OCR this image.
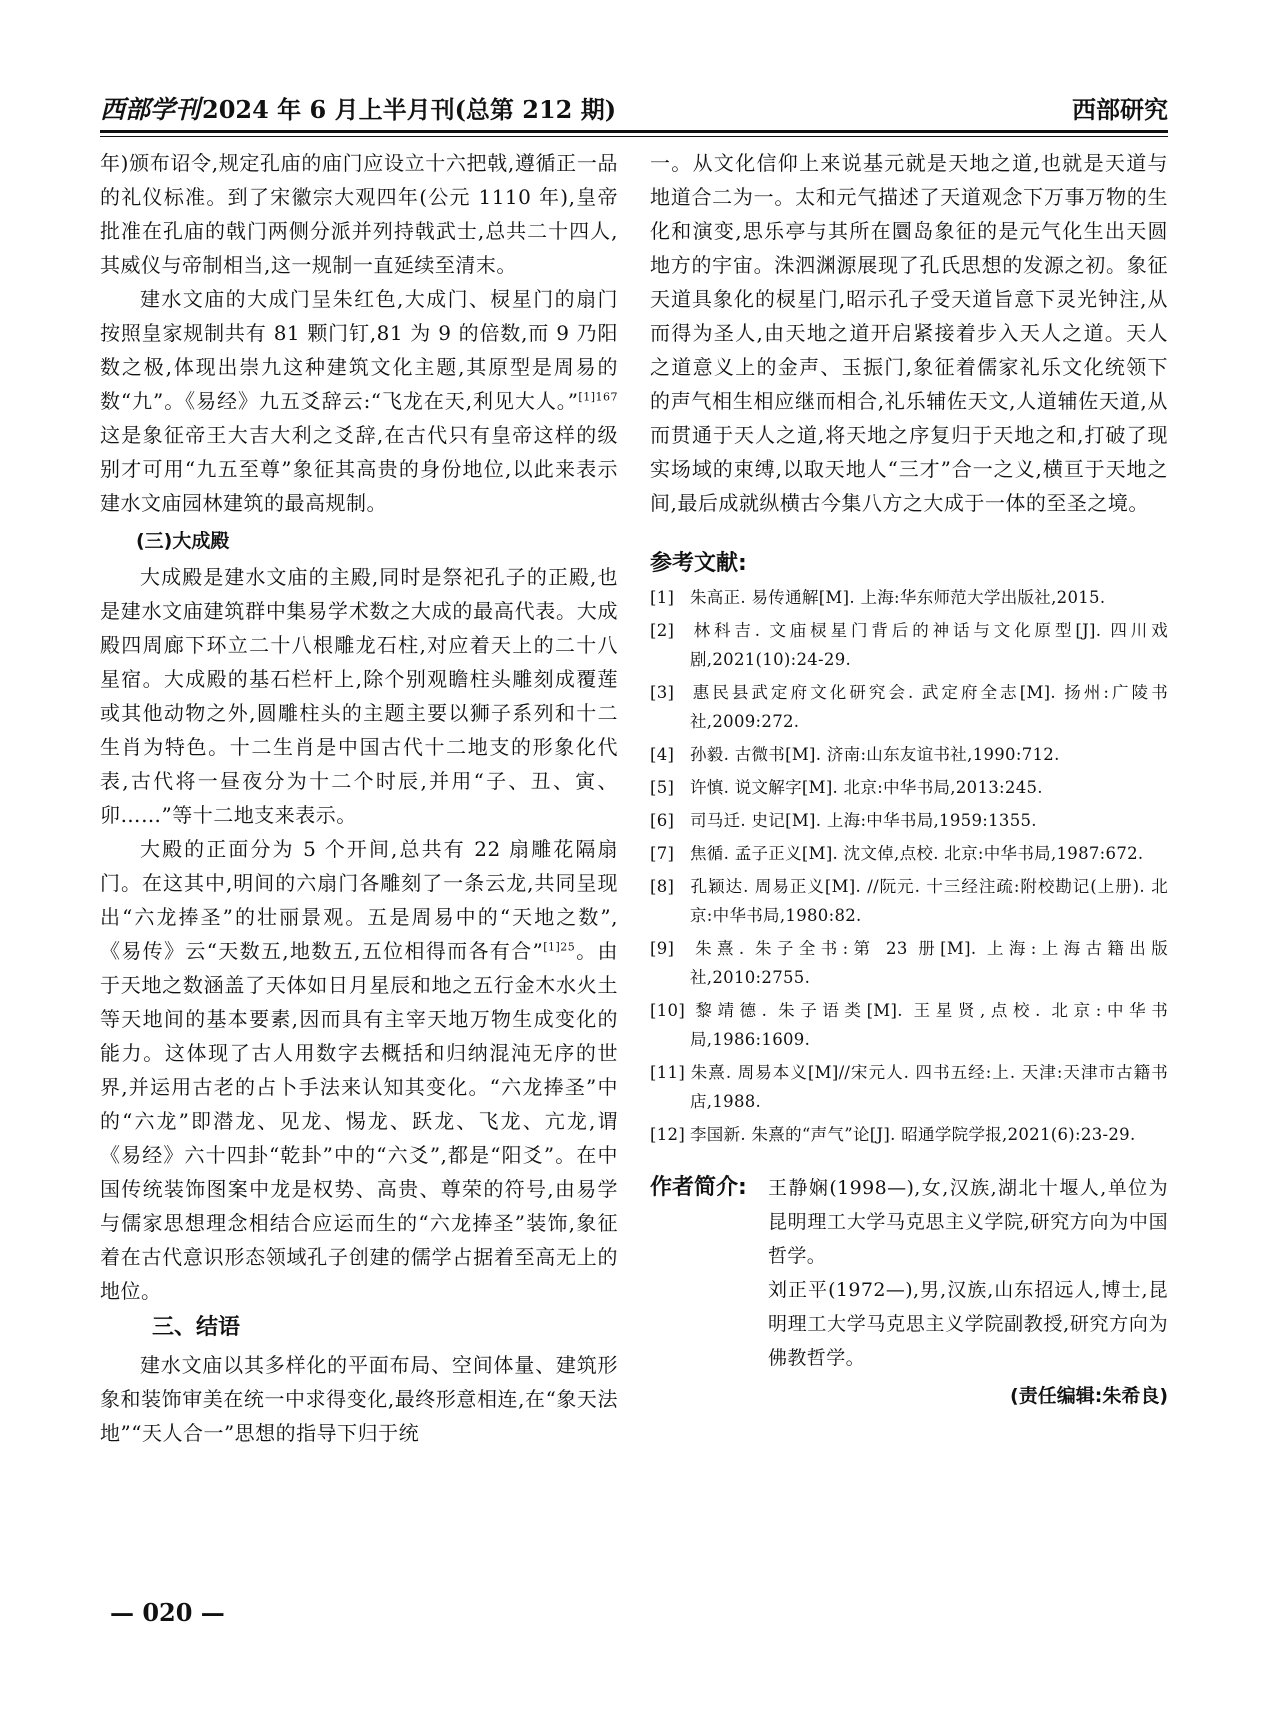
西部学刊2024 年 6 月上半月刊(总第 212 期)	西部研究

年)颁布诏令,规定孔庙的庙门应设立十六把戟,遵循正一品的礼仪标准。到了宋徽宗大观四年(公元 1110 年),皇帝批准在孔庙的戟门两侧分派并列持戟武士,总共二十四人,其威仪与帝制相当,这一规制一直延续至清末。

建水文庙的大成门呈朱红色,大成门、棂星门的扇门按照皇家规制共有 81 颗门钉,81 为 9 的倍数,而 9 乃阳数之极,体现出崇九这种建筑文化主题,其原型是周易的数“九”。《易经》九五爻辞云:“飞龙在天,利见大人。”$^{[1]167}$ 这是象征帝王大吉大利之爻辞,在古代只有皇帝这样的级别才可用“九五至尊”象征其高贵的身份地位,以此来表示建水文庙园林建筑的最高规制。

(三)大成殿

大成殿是建水文庙的主殿,同时是祭祀孔子的正殿,也是建水文庙建筑群中集易学术数之大成的最高代表。大成殿四周廊下环立二十八根雕龙石柱,对应着天上的二十八星宿。大成殿的基石栏杆上,除个别观瞻柱头雕刻成覆莲或其他动物之外,圆雕柱头的主题主要以狮子系列和十二生肖为特色。十二生肖是中国古代十二地支的形象化代表,古代将一昼夜分为十二个时辰,并用“子、丑、寅、卯……”等十二地支来表示。

大殿的正面分为 5 个开间,总共有 22 扇雕花隔扇门。在这其中,明间的六扇门各雕刻了一条云龙,共同呈现出“六龙捧圣”的壮丽景观。五是周易中的“天地之数”,《易传》云“天数五,地数五,五位相得而各有合”$^{[1]25}$。由于天地之数涵盖了天体如日月星辰和地之五行金木水火土等天地间的基本要素,因而具有主宰天地万物生成变化的能力。这体现了古人用数字去概括和归纳混沌无序的世界,并运用古老的占卜手法来认知其变化。“六龙捧圣”中的“六龙”即潜龙、见龙、惕龙、跃龙、飞龙、亢龙,谓《易经》六十四卦“乾卦”中的“六爻”,都是“阳爻”。在中国传统装饰图案中龙是权势、高贵、尊荣的符号,由易学与儒家思想理念相结合应运而生的“六龙捧圣”装饰,象征着在古代意识形态领域孔子创建的儒学占据着至高无上的地位。

三、结语

建水文庙以其多样化的平面布局、空间体量、建筑形象和装饰审美在统一中求得变化,最终形意相连,在“象天法地”“天人合一”思想的指导下归于统

一。从文化信仰上来说基元就是天地之道,也就是天道与地道合二为一。太和元气描述了天道观念下万事万物的生化和演变,思乐亭与其所在圜岛象征的是元气化生出天圆地方的宇宙。洙泗渊源展现了孔氏思想的发源之初。象征天道具象化的棂星门,昭示孔子受天道旨意下灵光钟注,从而得为圣人,由天地之道开启紧接着步入天人之道。天人之道意义上的金声、玉振门,象征着儒家礼乐文化统领下的声气相生相应继而相合,礼乐辅佐天文,人道辅佐天道,从而贯通于天人之道,将天地之序复归于天地之和,打破了现实场域的束缚,以取天地人“三才”合一之义,横亘于天地之间,最后成就纵横古今集八方之大成于一体的至圣之境。

参考文献:
[1] 朱高正. 易传通解[M]. 上海:华东师范大学出版社,2015.
[2] 林科吉. 文庙棂星门背后的神话与文化原型[J]. 四川戏剧,2021(10):24-29.
[3] 惠民县武定府文化研究会. 武定府全志[M]. 扬州:广陵书社,2009:272.
[4] 孙毅. 古微书[M]. 济南:山东友谊书社,1990:712.
[5] 许慎. 说文解字[M]. 北京:中华书局,2013:245.
[6] 司马迁. 史记[M]. 上海:中华书局,1959:1355.
[7] 焦循. 孟子正义[M]. 沈文倬,点校. 北京:中华书局,1987:672.
[8] 孔颖达. 周易正义[M]. //阮元. 十三经注疏:附校勘记(上册). 北京:中华书局,1980:82.
[9] 朱熹. 朱子全书:第 23 册[M]. 上海:上海古籍出版社,2010:2755.
[10] 黎靖德. 朱子语类[M]. 王星贤,点校. 北京:中华书局,1986:1609.
[11] 朱熹. 周易本义[M]//宋元人. 四书五经:上. 天津:天津市古籍书店,1988.
[12] 李国新. 朱熹的“声气”论[J]. 昭通学院学报,2021(6):23-29.
作者简介: 王静娴(1998—),女,汉族,湖北十堰人,单位为昆明理工大学马克思主义学院,研究方向为中国哲学。

刘正平(1972—),男,汉族,山东招远人,博士,昆明理工大学马克思主义学院副教授,研究方向为佛教哲学。

(责任编辑:朱希良)
— 020 —
